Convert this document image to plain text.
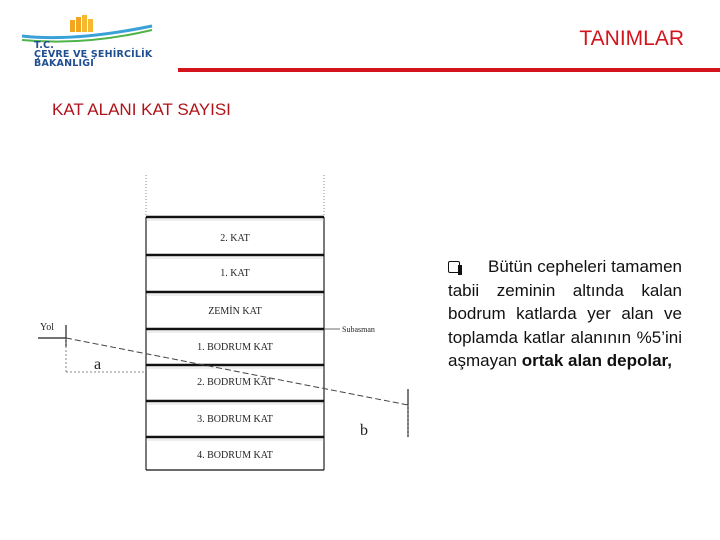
T.C.
ÇEVRE VE ŞEHİRCİLİK
BAKANLIĞI
TANIMLAR
KAT ALANI KAT SAYISI
2. KAT
1. KAT
ZEMİN KAT
1. BODRUM KAT
2. BODRUM KAT
3. BODRUM KAT
4. BODRUM KAT
Yol
a
Subasman
b
Bütün cepheleri tamamen tabii zeminin altında kalan bodrum katlarda yer alan ve toplamda katlar alanının %5’ini aşmayan ortak alan depolar,
